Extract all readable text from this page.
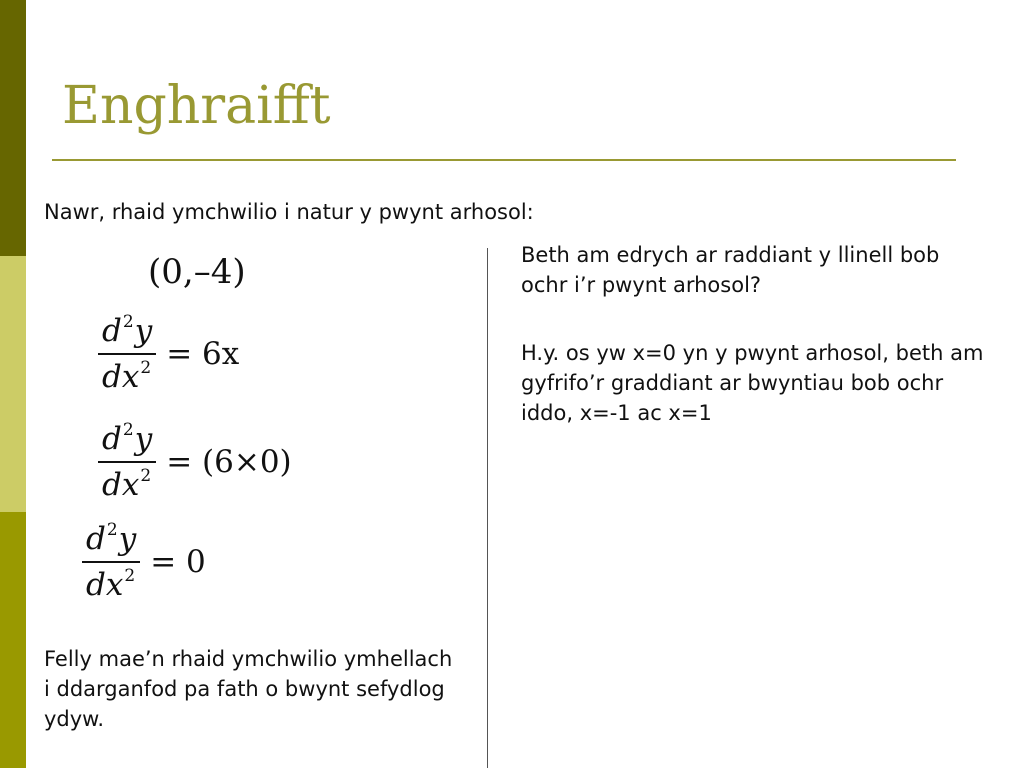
Enghraifft
Nawr, rhaid ymchwilio i natur y pwynt arhosol:
(0,–4)
$\frac{d^2y}{dx^2} = 6x$
$\frac{d^2y}{dx^2} = (6\times 0)$
$\frac{d^2y}{dx^2} = 0$
Felly mae’n rhaid ymchwilio ymhellach i ddarganfod pa fath o bwynt sefydlog ydyw.
Beth am edrych ar raddiant y llinell bob ochr i’r pwynt arhosol?
H.y. os yw x=0 yn y pwynt arhosol, beth am gyfrifo’r graddiant ar bwyntiau bob ochr iddo, x=-1 ac x=1
